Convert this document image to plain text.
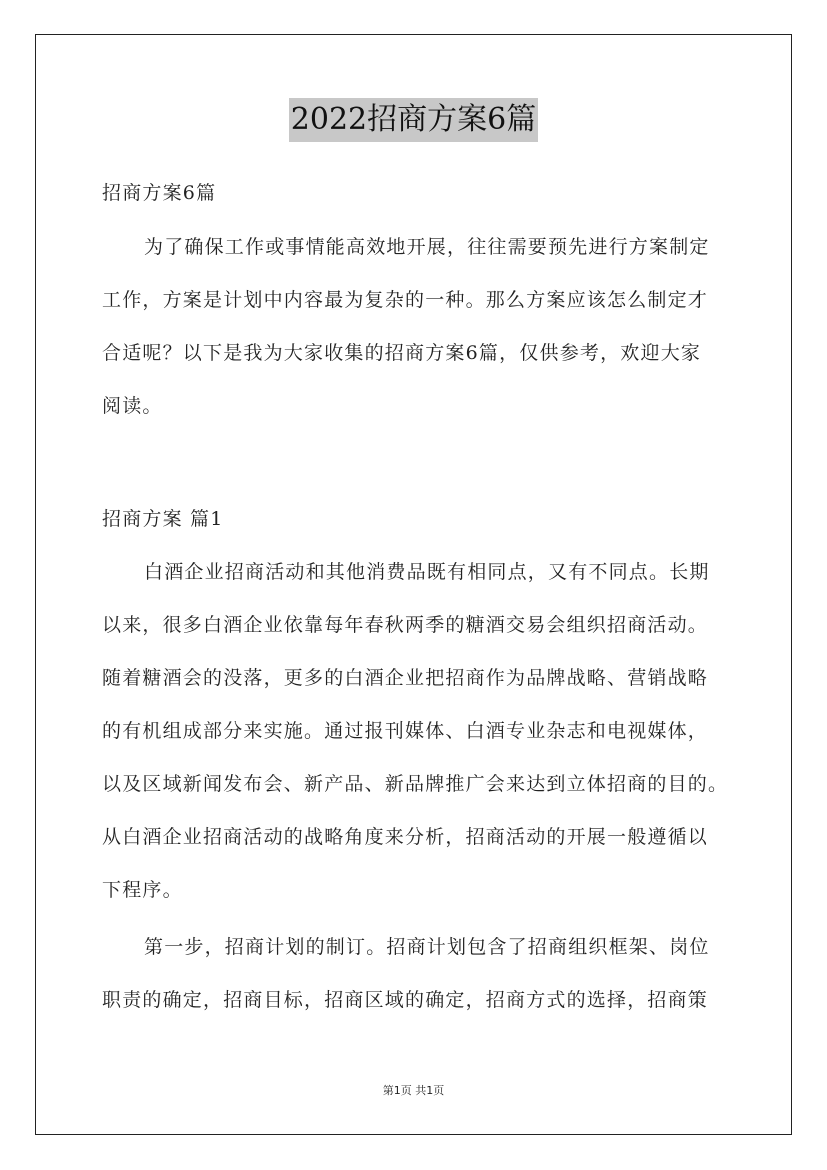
2022招商方案6篇
招商方案6篇
为了确保工作或事情能高效地开展，往往需要预先进行方案制定
工作，方案是计划中内容最为复杂的一种。那么方案应该怎么制定才
合适呢？以下是我为大家收集的招商方案6篇，仅供参考，欢迎大家
阅读。
招商方案 篇1
白酒企业招商活动和其他消费品既有相同点，又有不同点。长期
以来，很多白酒企业依靠每年春秋两季的糖酒交易会组织招商活动。
随着糖酒会的没落，更多的白酒企业把招商作为品牌战略、营销战略
的有机组成部分来实施。通过报刊媒体、白酒专业杂志和电视媒体，
以及区域新闻发布会、新产品、新品牌推广会来达到立体招商的目的。
从白酒企业招商活动的战略角度来分析，招商活动的开展一般遵循以
下程序。
第一步，招商计划的制订。招商计划包含了招商组织框架、岗位
职责的确定，招商目标，招商区域的确定，招商方式的选择，招商策
第1页 共1页
